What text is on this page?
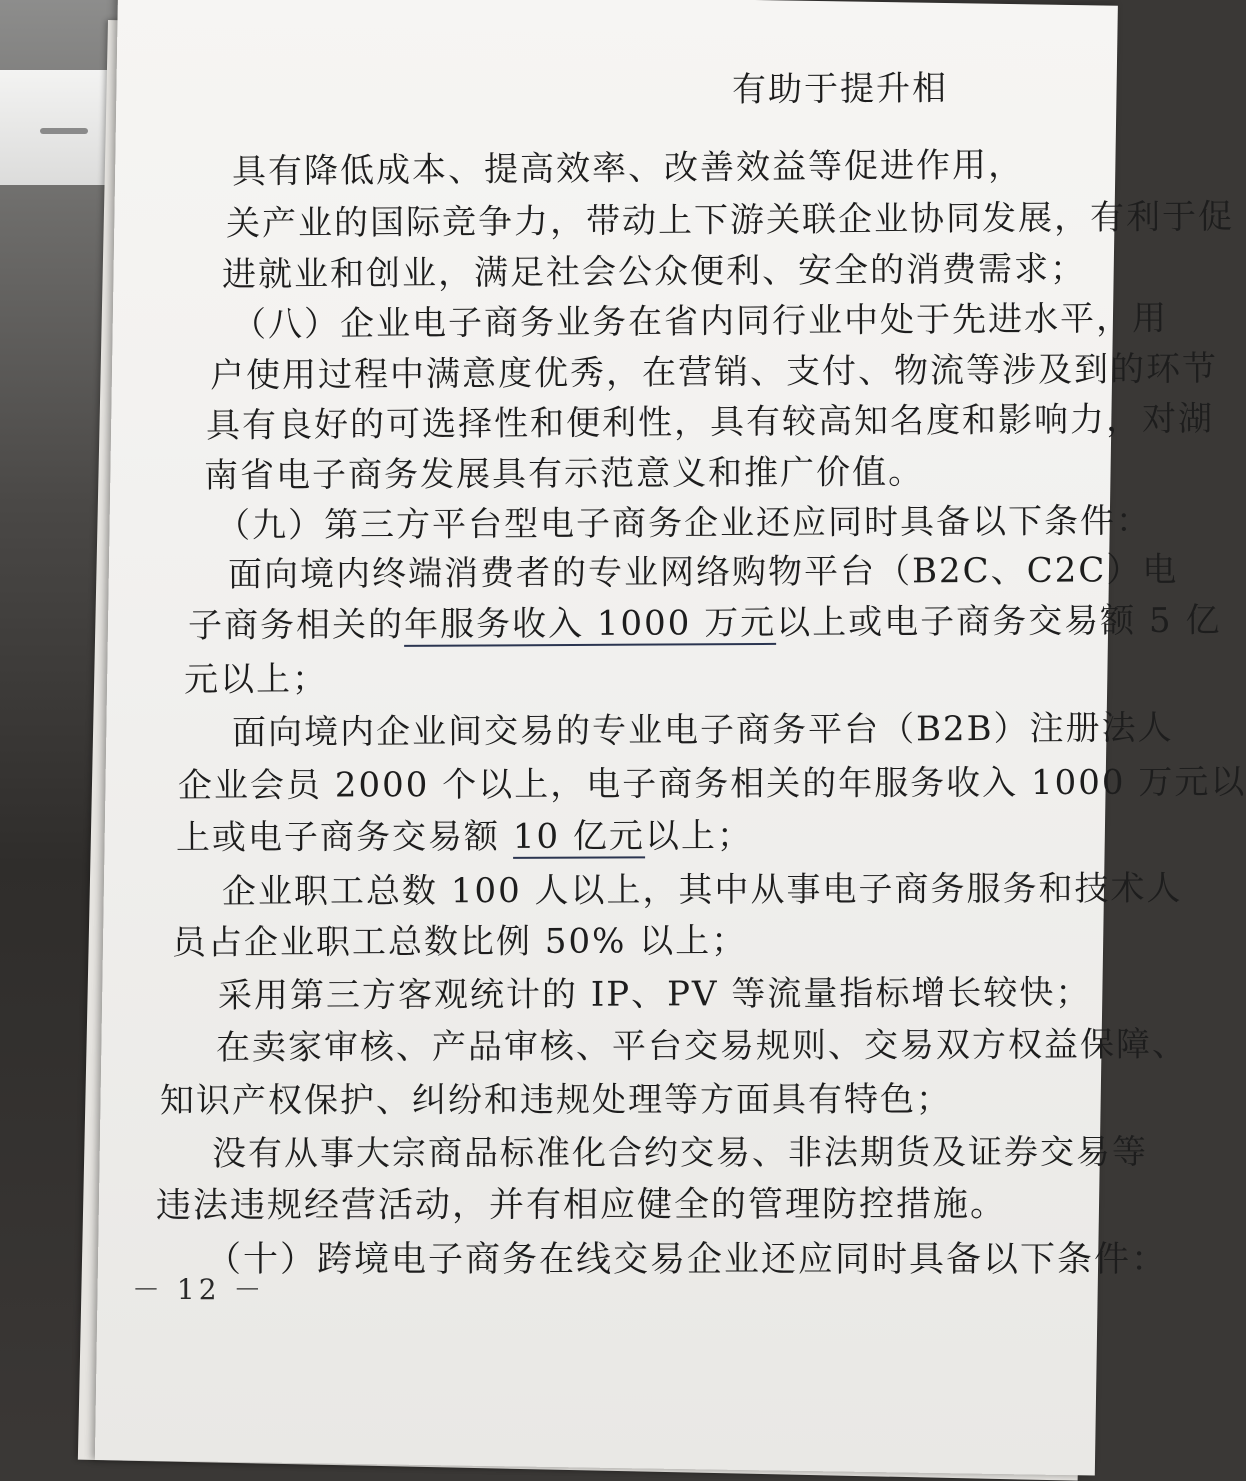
有助于提升相
具有降低成本、提高效率、改善效益等促进作用，
关产业的国际竞争力，带动上下游关联企业协同发展，有利于促
进就业和创业，满足社会公众便利、安全的消费需求；
（八）企业电子商务业务在省内同行业中处于先进水平，用
户使用过程中满意度优秀，在营销、支付、物流等涉及到的环节
具有良好的可选择性和便利性，具有较高知名度和影响力，对湖
南省电子商务发展具有示范意义和推广价值。
（九）第三方平台型电子商务企业还应同时具备以下条件：
面向境内终端消费者的专业网络购物平台（B2C、C2C）电
子商务相关的年服务收入 1000 万元以上或电子商务交易额 5 亿
元以上；
面向境内企业间交易的专业电子商务平台（B2B）注册法人
企业会员 2000 个以上，电子商务相关的年服务收入 1000 万元以
上或电子商务交易额 10 亿元以上；
企业职工总数 100 人以上，其中从事电子商务服务和技术人
员占企业职工总数比例 50% 以上；
采用第三方客观统计的 IP、PV 等流量指标增长较快；
在卖家审核、产品审核、平台交易规则、交易双方权益保障、
知识产权保护、纠纷和违规处理等方面具有特色；
没有从事大宗商品标准化合约交易、非法期货及证券交易等
违法违规经营活动，并有相应健全的管理防控措施。
（十）跨境电子商务在线交易企业还应同时具备以下条件：
－ 12 －
